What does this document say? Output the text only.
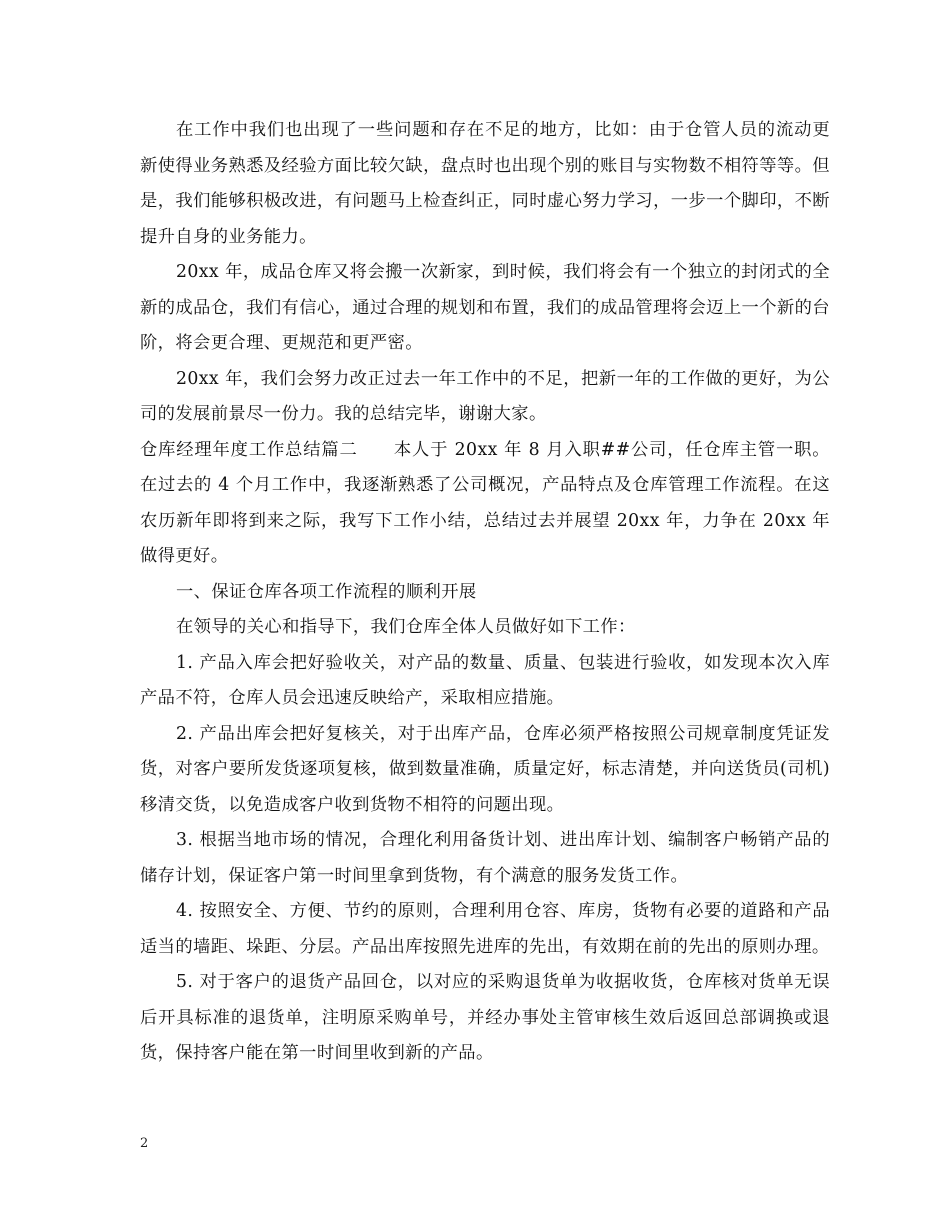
在工作中我们也出现了一些问题和存在不足的地方，比如：由于仓管人员的流动更新使得业务熟悉及经验方面比较欠缺，盘点时也出现个别的账目与实物数不相符等等。但是，我们能够积极改进，有问题马上检查纠正，同时虚心努力学习，一步一个脚印，不断提升自身的业务能力。

20xx 年，成品仓库又将会搬一次新家，到时候，我们将会有一个独立的封闭式的全新的成品仓，我们有信心，通过合理的规划和布置，我们的成品管理将会迈上一个新的台阶，将会更合理、更规范和更严密。

20xx 年，我们会努力改正过去一年工作中的不足，把新一年的工作做的更好，为公司的发展前景尽一份力。我的总结完毕，谢谢大家。

仓库经理年度工作总结篇二　　本人于 20xx 年 8 月入职##公司，任仓库主管一职。在过去的 4 个月工作中，我逐渐熟悉了公司概况，产品特点及仓库管理工作流程。在这农历新年即将到来之际，我写下工作小结，总结过去并展望 20xx 年，力争在 20xx 年做得更好。

一、保证仓库各项工作流程的顺利开展

在领导的关心和指导下，我们仓库全体人员做好如下工作：

1. 产品入库会把好验收关，对产品的数量、质量、包装进行验收，如发现本次入库产品不符，仓库人员会迅速反映给产，采取相应措施。

2. 产品出库会把好复核关，对于出库产品，仓库必须严格按照公司规章制度凭证发货，对客户要所发货逐项复核，做到数量准确，质量定好，标志清楚，并向送货员(司机)移清交货，以免造成客户收到货物不相符的问题出现。

3. 根据当地市场的情况，合理化利用备货计划、进出库计划、编制客户畅销产品的储存计划，保证客户第一时间里拿到货物，有个满意的服务发货工作。

4. 按照安全、方便、节约的原则，合理利用仓容、库房，货物有必要的道路和产品适当的墙距、垛距、分层。产品出库按照先进库的先出，有效期在前的先出的原则办理。

5. 对于客户的退货产品回仓，以对应的采购退货单为收据收货，仓库核对货单无误后开具标准的退货单，注明原采购单号，并经办事处主管审核生效后返回总部调换或退货，保持客户能在第一时间里收到新的产品。

2
